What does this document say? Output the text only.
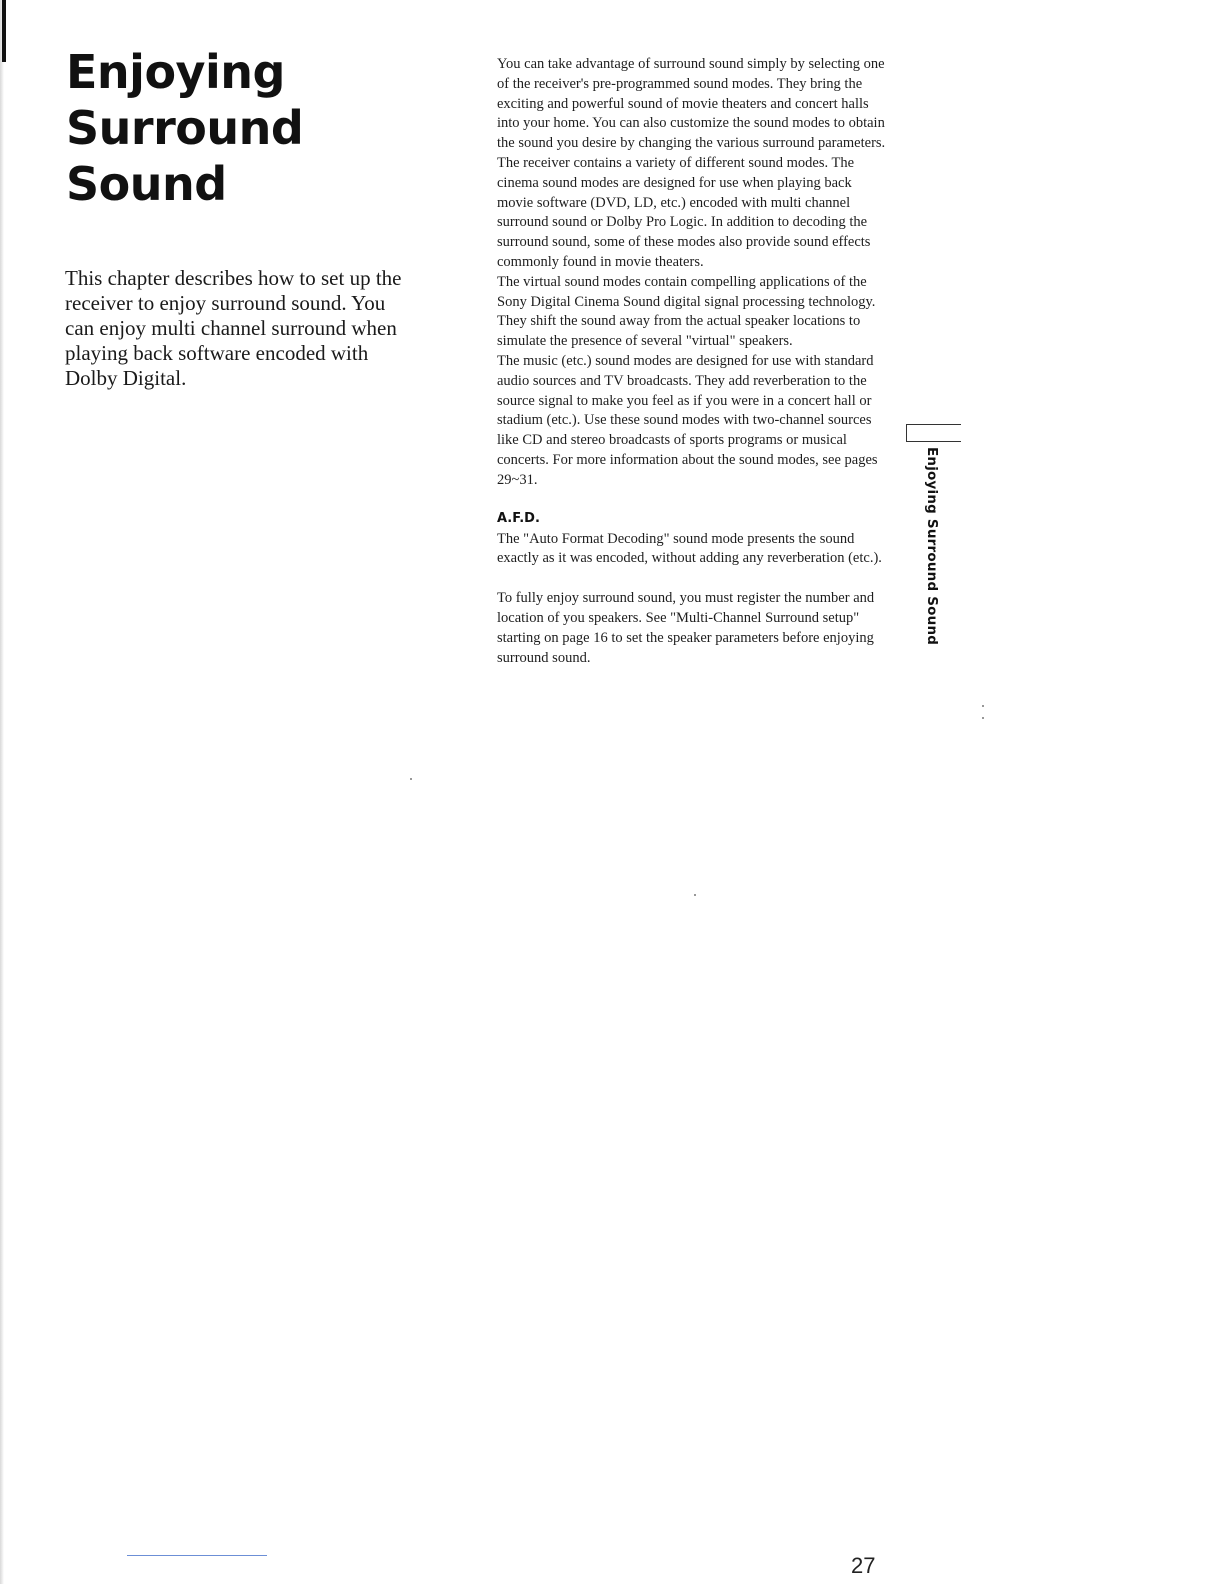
Enjoying
Surround
Sound

This chapter describes how to set up the receiver to enjoy surround sound. You can enjoy multi channel surround when playing back software encoded with Dolby Digital.

You can take advantage of surround sound simply by selecting one of the receiver's pre-programmed sound modes. They bring the exciting and powerful sound of movie theaters and concert halls into your home. You can also customize the sound modes to obtain the sound you desire by changing the various surround parameters.

The receiver contains a variety of different sound modes. The cinema sound modes are designed for use when playing back movie software (DVD, LD, etc.) encoded with multi channel surround sound or Dolby Pro Logic. In addition to decoding the surround sound, some of these modes also provide sound effects commonly found in movie theaters.

The virtual sound modes contain compelling applications of the Sony Digital Cinema Sound digital signal processing technology. They shift the sound away from the actual speaker locations to simulate the presence of several "virtual" speakers.

The music (etc.) sound modes are designed for use with standard audio sources and TV broadcasts. They add reverberation to the source signal to make you feel as if you were in a concert hall or stadium (etc.). Use these sound modes with two-channel sources like CD and stereo broadcasts of sports programs or musical concerts. For more information about the sound modes, see pages 29~31.

A.F.D.

The "Auto Format Decoding" sound mode presents the sound exactly as it was encoded, without adding any reverberation (etc.).

To fully enjoy surround sound, you must register the number and location of you speakers. See "Multi-Channel Surround setup" starting on page 16 to set the speaker parameters before enjoying surround sound.

Enjoying Surround Sound
27
